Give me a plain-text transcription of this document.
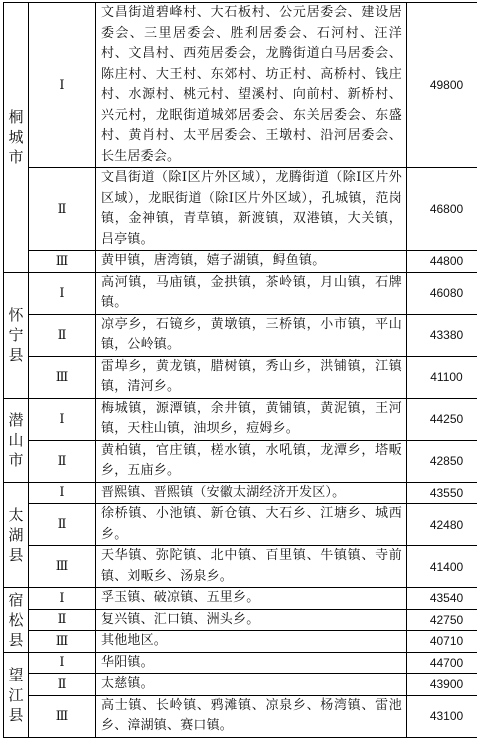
桐城市	Ⅰ	文昌街道碧峰村、大石板村、公元居委会、建设居委会、三里居委会、胜利居委会、石河村、汪洋村、文昌村、西苑居委会，龙腾街道白马居委会、陈庄村、大王村、东郊村、坊正村、高桥村、钱庄村、水源村、桃元村、望溪村、向前村、新桥村、兴元村，龙眠街道城郊居委会、东关居委会、东盛村、黄肖村、太平居委会、王墩村、沿河居委会、长生居委会。	49800
	Ⅱ	文昌街道（除Ⅰ区片外区域），龙腾街道（除Ⅰ区片外区域），龙眠街道（除Ⅰ区片外区域），孔城镇，范岗镇，金神镇，青草镇，新渡镇，双港镇，大关镇，吕亭镇。	46800
	Ⅲ	黄甲镇，唐湾镇，嬉子湖镇，鲟鱼镇。	44800
怀宁县	Ⅰ	高河镇，马庙镇，金拱镇，茶岭镇，月山镇，石牌镇。	46080
	Ⅱ	凉亭乡，石镜乡，黄墩镇，三桥镇，小市镇，平山镇，公岭镇。	43380
	Ⅲ	雷埠乡，黄龙镇，腊树镇，秀山乡，洪铺镇，江镇镇，清河乡。	41100
潜山市	Ⅰ	梅城镇，源潭镇，余井镇，黄铺镇，黄泥镇，王河镇，天柱山镇，油坝乡，痘姆乡。	44250
	Ⅱ	黄柏镇，官庄镇，槎水镇，水吼镇，龙潭乡，塔畈乡，五庙乡。	42850
太湖县	Ⅰ	晋熙镇、晋熙镇（安徽太湖经济开发区）。	43550
	Ⅱ	徐桥镇、小池镇、新仓镇、大石乡、江塘乡、城西乡。	42480
	Ⅲ	天华镇、弥陀镇、北中镇、百里镇、牛镇镇、寺前镇、刘畈乡、汤泉乡。	41400
宿松县	Ⅰ	孚玉镇、破凉镇、五里乡。	43540
	Ⅱ	复兴镇、汇口镇、洲头乡。	42750
	Ⅲ	其他地区。	40710
望江县	Ⅰ	华阳镇。	44700
	Ⅱ	太慈镇。	43900
	Ⅲ	高士镇、长岭镇、鸦滩镇、凉泉乡、杨湾镇、雷池乡、漳湖镇、赛口镇。	43100
